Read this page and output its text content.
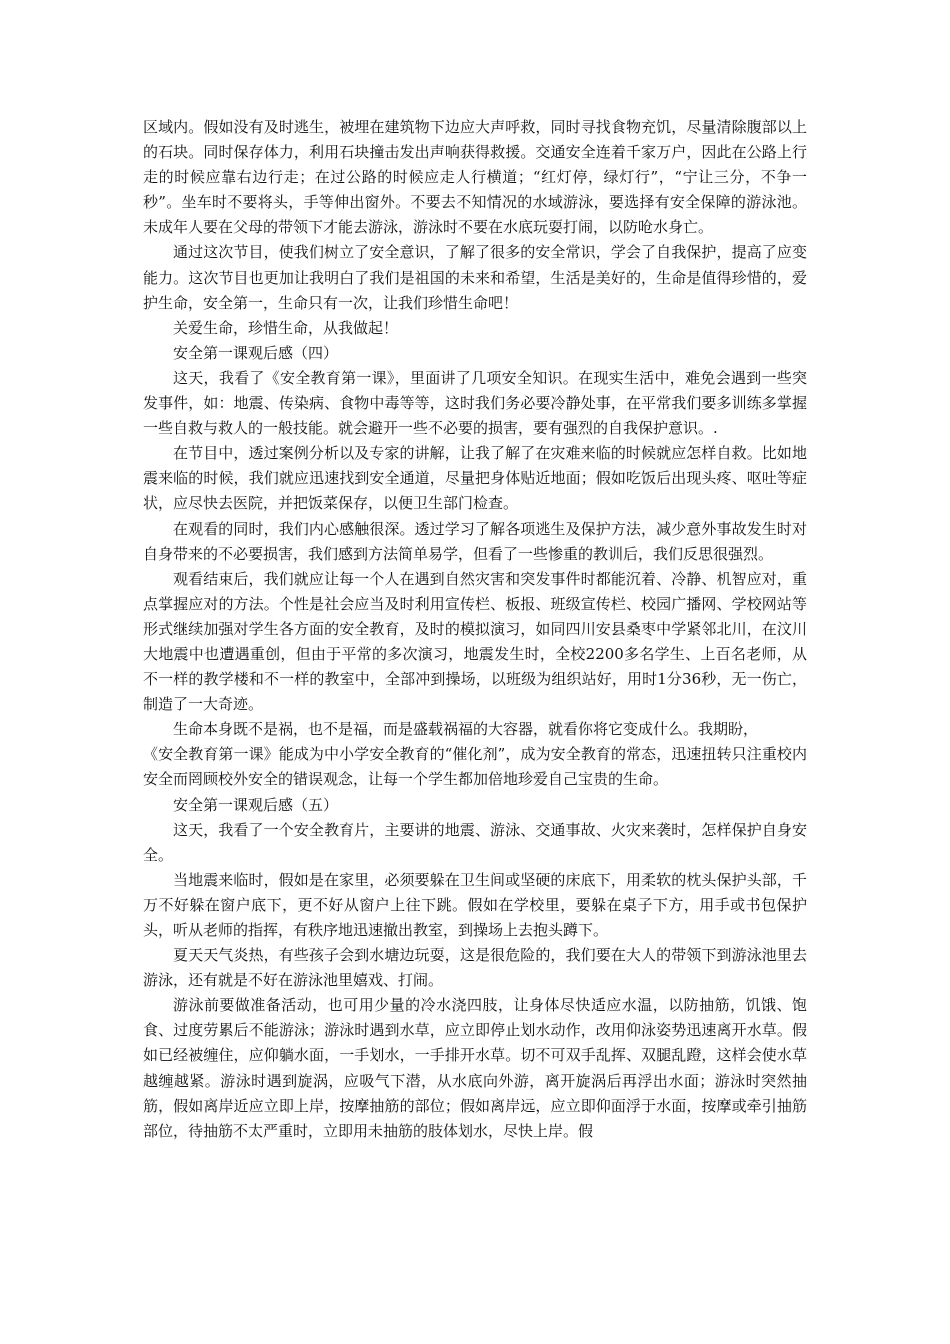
区域内。假如没有及时逃生，被埋在建筑物下边应大声呼救，同时寻找食物充饥，尽量清除腹部以上的石块。同时保存体力，利用石块撞击发出声响获得救援。交通安全连着千家万户，因此在公路上行走的时候应靠右边行走；在过公路的时候应走人行横道；“红灯停，绿灯行”，“宁让三分，不争一秒”。坐车时不要将头，手等伸出窗外。不要去不知情况的水域游泳，要选择有安全保障的游泳池。未成年人要在父母的带领下才能去游泳，游泳时不要在水底玩耍打闹，以防呛水身亡。

通过这次节目，使我们树立了安全意识，了解了很多的安全常识，学会了自我保护，提高了应变能力。这次节目也更加让我明白了我们是祖国的未来和希望，生活是美好的，生命是值得珍惜的，爱护生命，安全第一，生命只有一次，让我们珍惜生命吧！

关爱生命，珍惜生命，从我做起！

安全第一课观后感（四）

这天，我看了《安全教育第一课》，里面讲了几项安全知识。在现实生活中，难免会遇到一些突发事件，如：地震、传染病、食物中毒等等，这时我们务必要冷静处事，在平常我们要多训练多掌握一些自救与救人的一般技能。就会避开一些不必要的损害，要有强烈的自我保护意识。.

在节目中，透过案例分析以及专家的讲解，让我了解了在灾难来临的时候就应怎样自救。比如地震来临的时候，我们就应迅速找到安全通道，尽量把身体贴近地面；假如吃饭后出现头疼、呕吐等症状，应尽快去医院，并把饭菜保存，以便卫生部门检查。

在观看的同时，我们内心感触很深。透过学习了解各项逃生及保护方法，减少意外事故发生时对自身带来的不必要损害，我们感到方法简单易学，但看了一些惨重的教训后，我们反思很强烈。

观看结束后，我们就应让每一个人在遇到自然灾害和突发事件时都能沉着、冷静、机智应对，重点掌握应对的方法。个性是社会应当及时利用宣传栏、板报、班级宣传栏、校园广播网、学校网站等形式继续加强对学生各方面的安全教育，及时的模拟演习，如同四川安县桑枣中学紧邻北川，在汶川大地震中也遭遇重创，但由于平常的多次演习，地震发生时，全校2200多名学生、上百名老师，从不一样的教学楼和不一样的教室中，全部冲到操场，以班级为组织站好，用时1分36秒，无一伤亡，制造了一大奇迹。

生命本身既不是祸，也不是福，而是盛载祸福的大容器，就看你将它变成什么。我期盼，

《安全教育第一课》能成为中小学安全教育的“催化剂”，成为安全教育的常态，迅速扭转只注重校内安全而罔顾校外安全的错误观念，让每一个学生都加倍地珍爱自己宝贵的生命。

安全第一课观后感（五）

这天，我看了一个安全教育片，主要讲的地震、游泳、交通事故、火灾来袭时，怎样保护自身安全。

当地震来临时，假如是在家里，必须要躲在卫生间或坚硬的床底下，用柔软的枕头保护头部，千万不好躲在窗户底下，更不好从窗户上往下跳。假如在学校里，要躲在桌子下方，用手或书包保护头，听从老师的指挥，有秩序地迅速撤出教室，到操场上去抱头蹲下。

夏天天气炎热，有些孩子会到水塘边玩耍，这是很危险的，我们要在大人的带领下到游泳池里去游泳，还有就是不好在游泳池里嬉戏、打闹。

游泳前要做准备活动，也可用少量的冷水浇四肢，让身体尽快适应水温，以防抽筋，饥饿、饱食、过度劳累后不能游泳；游泳时遇到水草，应立即停止划水动作，改用仰泳姿势迅速离开水草。假如已经被缠住，应仰躺水面，一手划水，一手排开水草。切不可双手乱挥、双腿乱蹬，这样会使水草越缠越紧。游泳时遇到旋涡，应吸气下潜，从水底向外游，离开旋涡后再浮出水面；游泳时突然抽筋，假如离岸近应立即上岸，按摩抽筋的部位；假如离岸远，应立即仰面浮于水面，按摩或牵引抽筋部位，待抽筋不太严重时，立即用未抽筋的肢体划水，尽快上岸。假
